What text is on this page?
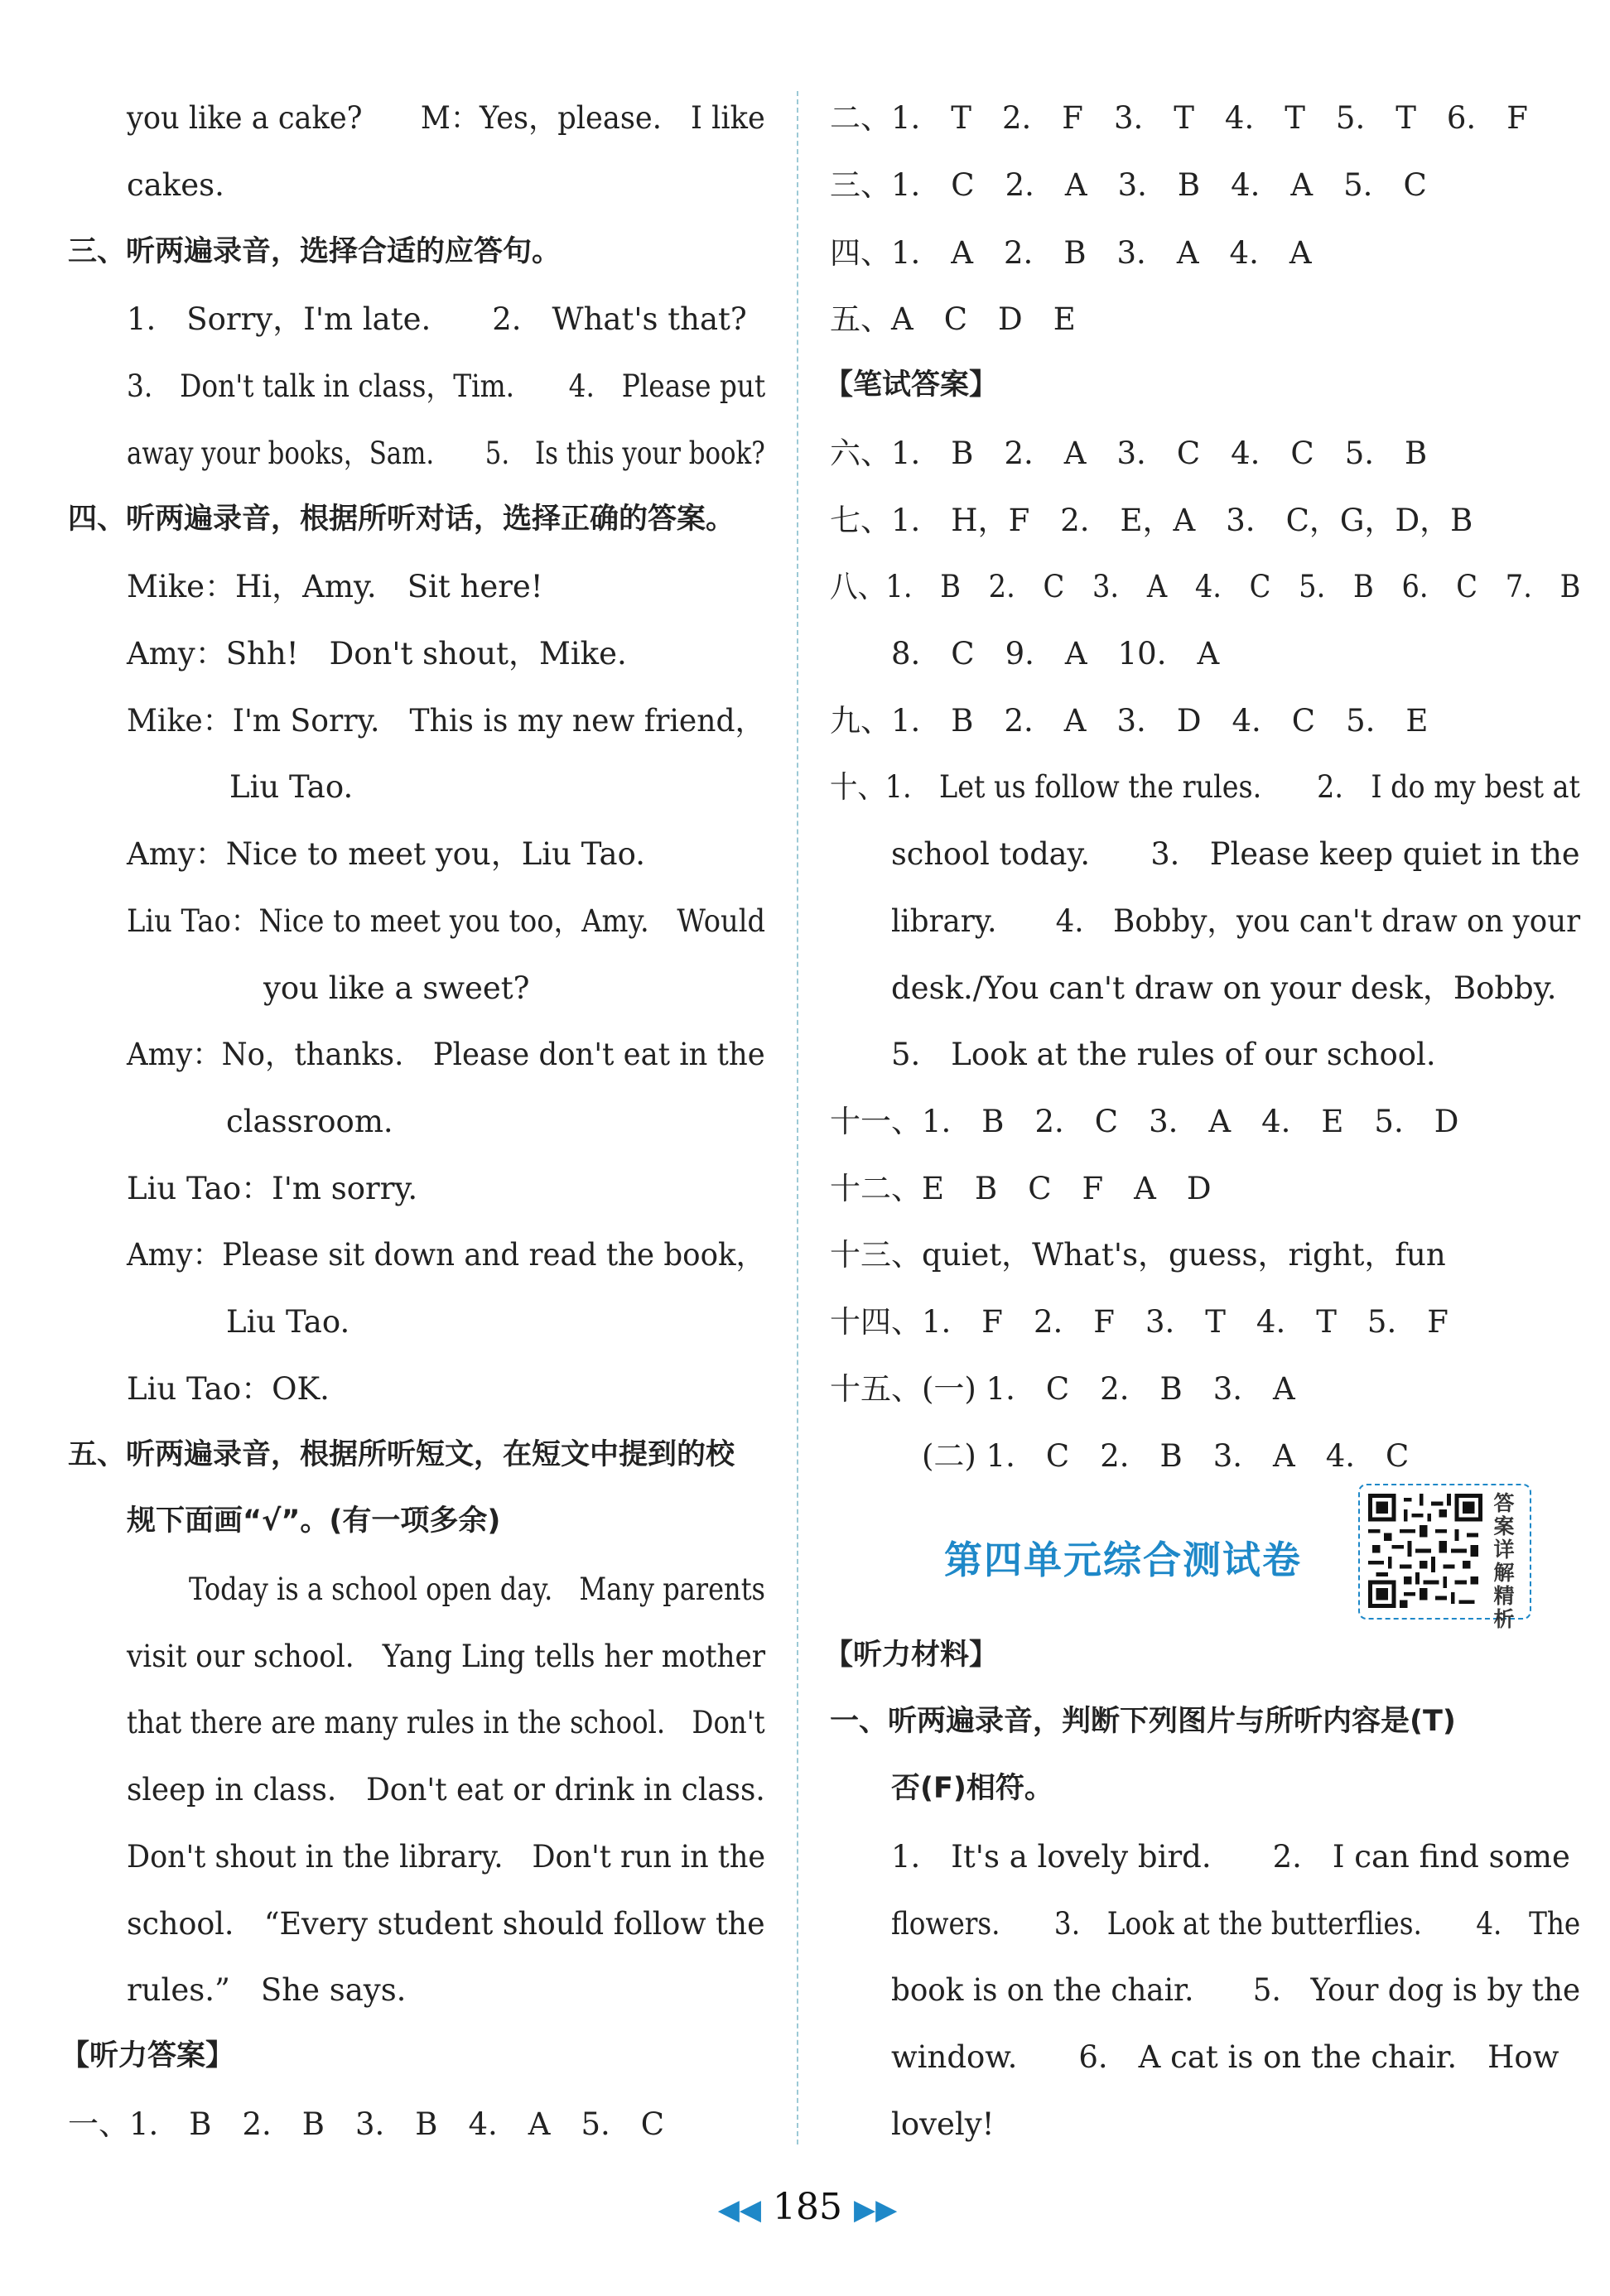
you like a cake?　　M：Yes，please.　I like
cakes.
三、听两遍录音，选择合适的应答句。
1.　Sorry，I'm late.　　2.　What's that?
3.　Don't talk in class，Tim.　　4.　Please put
away your books，Sam.　　5.　Is this your book?
四、听两遍录音，根据所听对话，选择正确的答案。
Mike：Hi，Amy.　Sit here!
Amy：Shh!　Don't shout，Mike.
Mike：I'm Sorry.　This is my new friend，
Liu Tao.
Amy：Nice to meet you，Liu Tao.
Liu Tao：Nice to meet you too，Amy.　Would
you like a sweet?
Amy：No，thanks.　Please don't eat in the
classroom.
Liu Tao：I'm sorry.
Amy：Please sit down and read the book，
Liu Tao.
Liu Tao：OK.
五、听两遍录音，根据所听短文，在短文中提到的校
规下面画“√”。(有一项多余)
Today is a school open day.　Many parents
visit our school.　Yang Ling tells her mother
that there are many rules in the school.　Don't
sleep in class.　Don't eat or drink in class.
Don't shout in the library.　Don't run in the
school.　“Every student should follow the
rules.”　She says.
【听力答案】
一、1.　B　2.　B　3.　B　4.　A　5.　C
二、1.　T　2.　F　3.　T　4.　T　5.　T　6.　F
三、1.　C　2.　A　3.　B　4.　A　5.　C
四、1.　A　2.　B　3.　A　4.　A
五、A　C　D　E
【笔试答案】
六、1.　B　2.　A　3.　C　4.　C　5.　B
七、1.　H，F　2.　E，A　3.　C，G，D，B
八、1.　B　2.　C　3.　A　4.　C　5.　B　6.　C　7.　B
8.　C　9.　A　10.　A
九、1.　B　2.　A　3.　D　4.　C　5.　E
十、1.　Let us follow the rules.　　2.　I do my best at
school today.　　3.　Please keep quiet in the
library.　　4.　Bobby，you can't draw on your
desk./You can't draw on your desk，Bobby.
5.　Look at the rules of our school.
十一、1.　B　2.　C　3.　A　4.　E　5.　D
十二、E　B　C　F　A　D
十三、quiet，What's，guess，right，fun
十四、1.　F　2.　F　3.　T　4.　T　5.　F
十五、(一) 1.　C　2.　B　3.　A
(二) 1.　C　2.　B　3.　A　4.　C
【听力材料】
一、听两遍录音，判断下列图片与所听内容是(T)
否(F)相符。
1.　It's a lovely bird.　　2.　I can find some
flowers.　　3.　Look at the butterflies.　　4.　The
book is on the chair.　　5.　Your dog is by the
window.　　6.　A cat is on the chair.　How
lovely!
第四单元综合测试卷
答案详解精析
◀◀ 185 ▶▶
